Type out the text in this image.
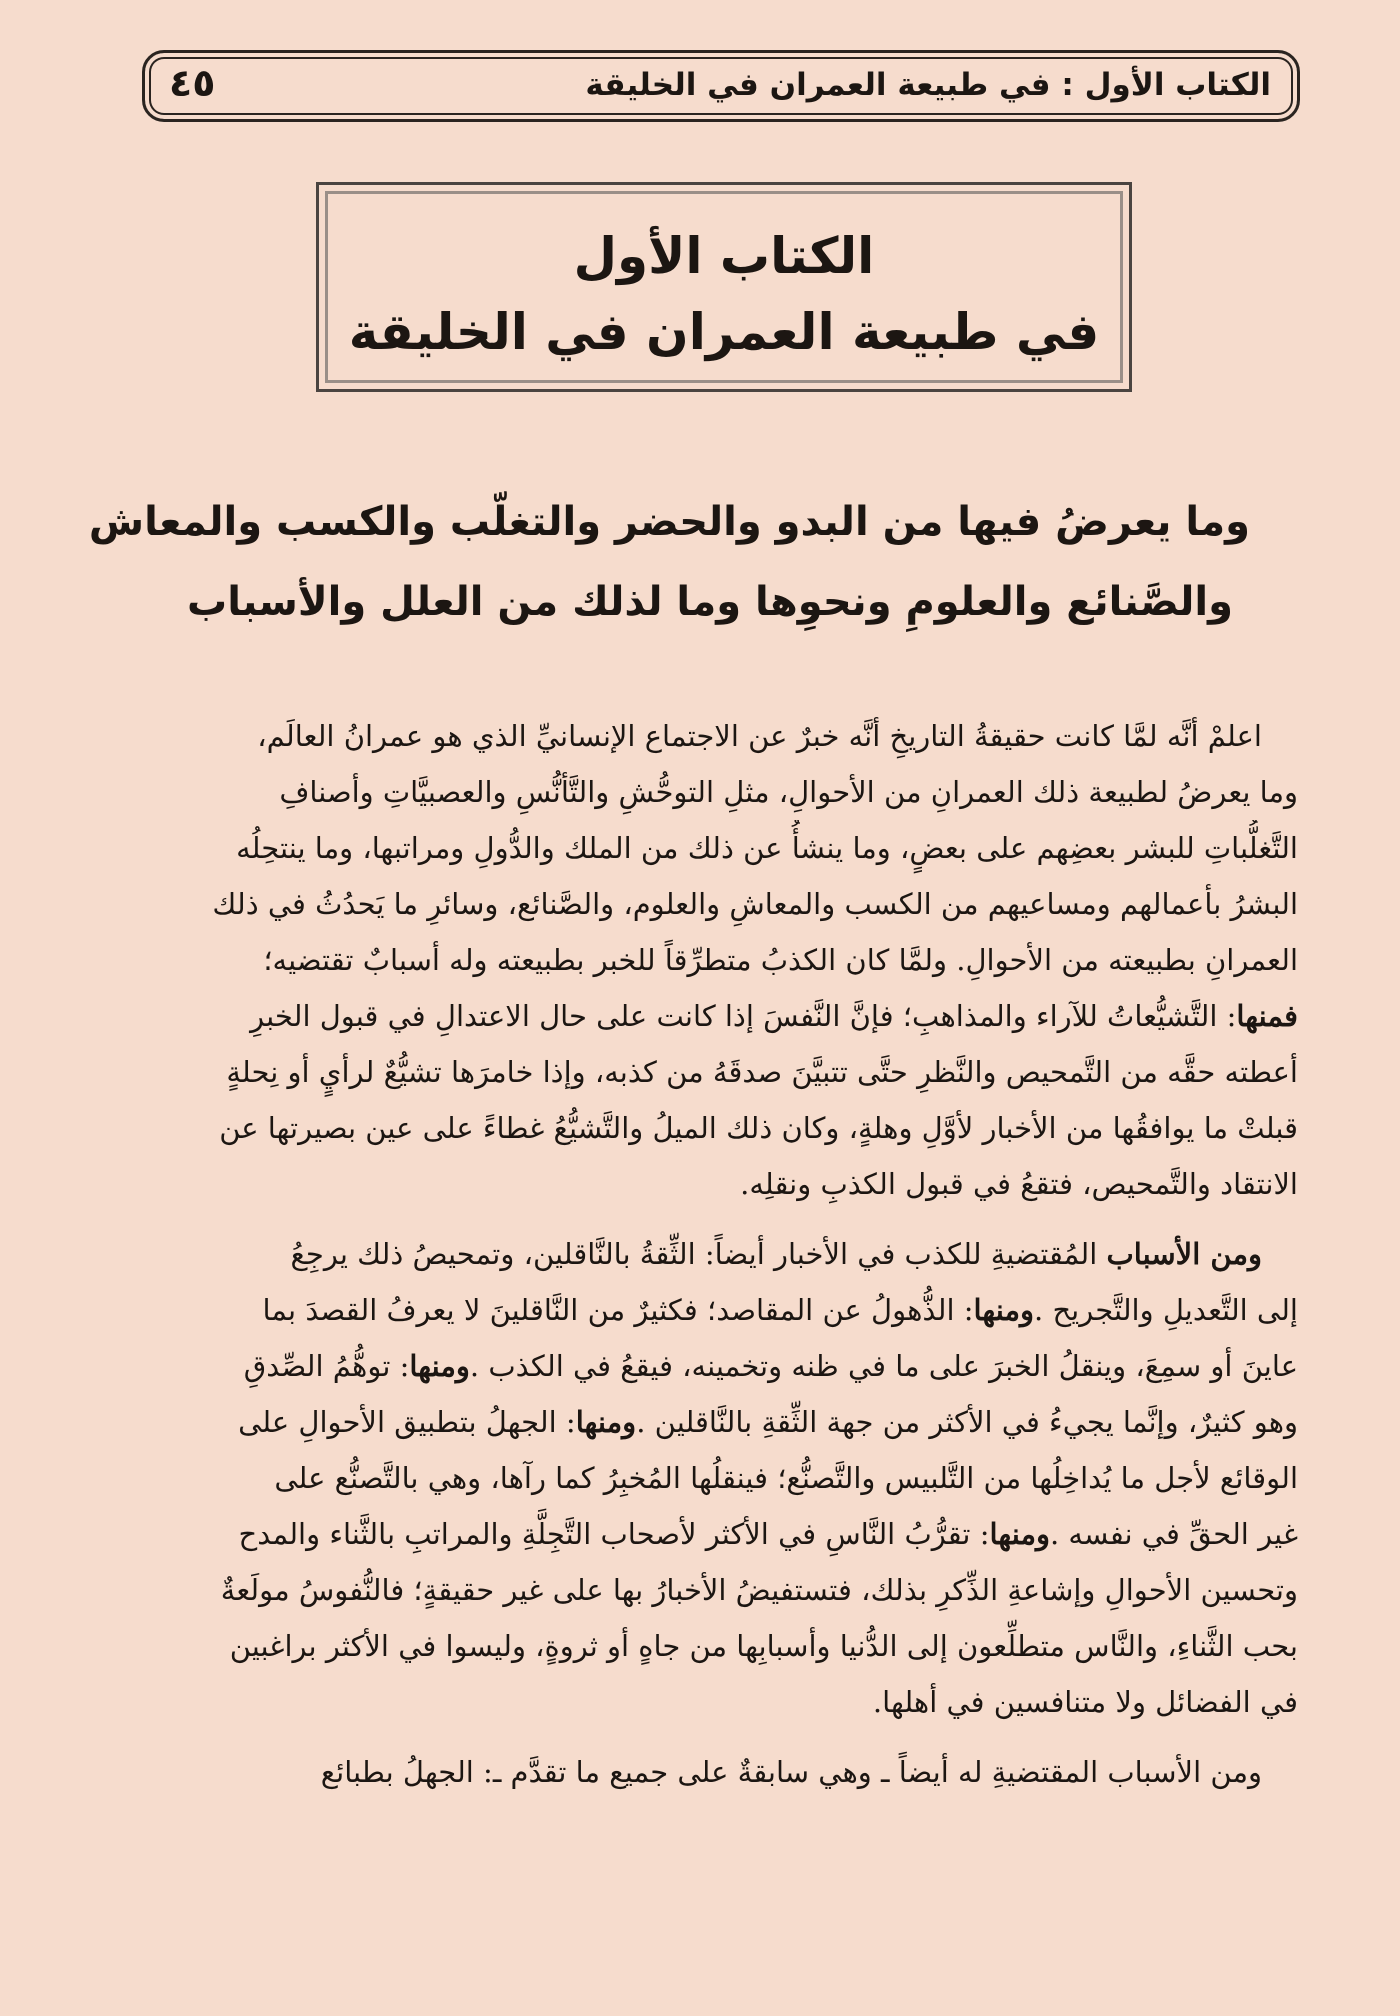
الكتاب الأول : في طبيعة العمران في الخليقة
٤٥
الكتاب الأول
في طبيعة العمران في الخليقة
وما يعرضُ فيها من البدو والحضر والتغلّب والكسب والمعاش
والصَّنائع والعلومِ ونحوِها وما لذلك من العلل والأسباب
اعلمْ أنَّه لمَّا كانت حقيقةُ التاريخِ أنَّه خبرٌ عن الاجتماع الإنسانيِّ الذي هو عمرانُ العالَم،
وما يعرضُ لطبيعة ذلك العمرانِ من الأحوالِ، مثلِ التوحُّشِ والتَّأنُّسِ والعصبيَّاتِ وأصنافِ
التَّغلُّباتِ للبشر بعضِهم على بعضٍ، وما ينشأُ عن ذلك من الملك والدُّولِ ومراتبها، وما ينتحِلُه
البشرُ بأعمالهم ومساعيهم من الكسب والمعاشِ والعلوم، والصَّنائع، وسائرِ ما يَحدُثُ في ذلك
العمرانِ بطبيعته من الأحوالِ. ولمَّا كان الكذبُ متطرِّقاً للخبر بطبيعته وله أسبابٌ تقتضيه؛
فمنها: التَّشيُّعاتُ للآراء والمذاهبِ؛ فإنَّ النَّفسَ إذا كانت على حال الاعتدالِ في قبول الخبرِ
أعطته حقَّه من التَّمحيص والنَّظرِ حتَّى تتبيَّنَ صدقَهُ من كذبه، وإذا خامرَها تشيُّعٌ لرأيٍ أو نِحلةٍ
قبلتْ ما يوافقُها من الأخبار لأوَّلِ وهلةٍ، وكان ذلك الميلُ والتَّشيُّعُ غطاءً على عين بصيرتها عن
الانتقاد والتَّمحيص، فتقعُ في قبول الكذبِ ونقلِه.
ومن الأسباب المُقتضيةِ للكذب في الأخبار أيضاً: الثِّقةُ بالنَّاقلين، وتمحيصُ ذلك يرجِعُ
إلى التَّعديلِ والتَّجريح .ومنها: الذُّهولُ عن المقاصد؛ فكثيرٌ من النَّاقلينَ لا يعرفُ القصدَ بما
عاينَ أو سمِعَ، وينقلُ الخبرَ على ما في ظنه وتخمينه، فيقعُ في الكذب .ومنها: توهُّمُ الصِّدقِ
وهو كثيرٌ، وإنَّما يجيءُ في الأكثر من جهة الثِّقةِ بالنَّاقلين .ومنها: الجهلُ بتطبيق الأحوالِ على
الوقائع لأجل ما يُداخِلُها من التَّلبيس والتَّصنُّع؛ فينقلُها المُخبِرُ كما رآها، وهي بالتَّصنُّع على
غير الحقِّ في نفسه .ومنها: تقرُّبُ النَّاسِ في الأكثر لأصحاب التَّجِلَّةِ والمراتبِ بالثَّناء والمدح
وتحسين الأحوالِ وإشاعةِ الذِّكرِ بذلك، فتستفيضُ الأخبارُ بها على غير حقيقةٍ؛ فالنُّفوسُ مولَعةٌ
بحب الثَّناءِ، والنَّاس متطلِّعون إلى الدُّنيا وأسبابِها من جاهٍ أو ثروةٍ، وليسوا في الأكثر براغبين
في الفضائل ولا متنافسين في أهلها.
ومن الأسباب المقتضيةِ له أيضاً ـ وهي سابقةٌ على جميع ما تقدَّم ـ: الجهلُ بطبائع
